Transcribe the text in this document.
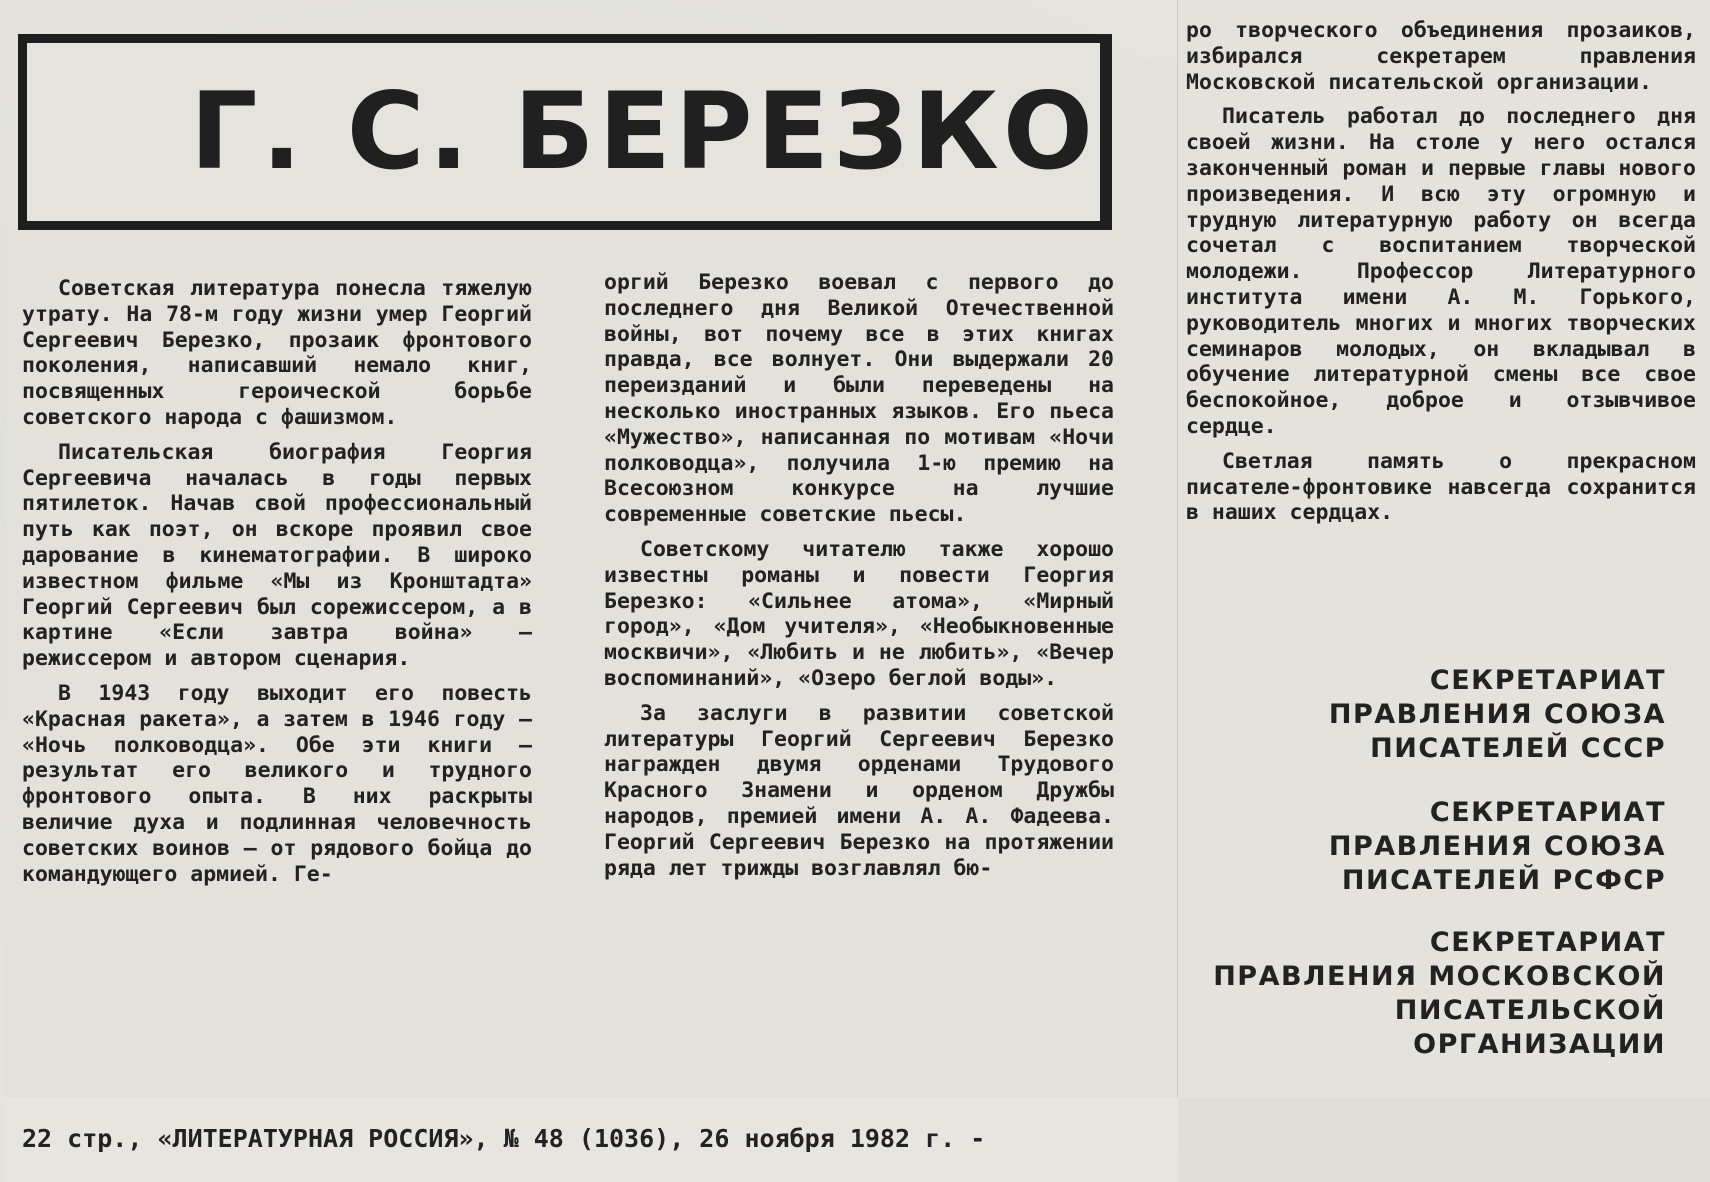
Г. С. БЕРЕЗКО

Советская литература понесла тяжелую утрату. На 78-м году жизни умер Георгий Сергеевич Березко, прозаик фронтового поколения, написавший немало книг, посвященных героической борьбе советского народа с фашизмом.

Писательская биография Георгия Сергеевича началась в годы первых пятилеток. Начав свой профессиональный путь как поэт, он вскоре проявил свое дарование в кинематографии. В широко известном фильме «Мы из Кронштадта» Георгий Сергеевич был сорежиссером, а в картине «Если завтра война» — режиссером и автором сценария.

В 1943 году выходит его повесть «Красная ракета», а затем в 1946 году — «Ночь полководца». Обе эти книги — результат его великого и трудного фронтового опыта. В них раскрыты величие духа и подлинная человечность советских воинов — от рядового бойца до командующего армией. Ге-

оргий Березко воевал с первого до последнего дня Великой Отечественной войны, вот почему все в этих книгах правда, все волнует. Они выдержали 20 переизданий и были переведены на несколько иностранных языков. Его пьеса «Мужество», написанная по мотивам «Ночи полководца», получила 1-ю премию на Всесоюзном конкурсе на лучшие современные советские пьесы.

Советскому читателю также хорошо известны романы и повести Георгия Березко: «Сильнее атома», «Мирный город», «Дом учителя», «Необыкновенные москвичи», «Любить и не любить», «Вечер воспоминаний», «Озеро беглой воды».

За заслуги в развитии советской литературы Георгий Сергеевич Березко награжден двумя орденами Трудового Красного Знамени и орденом Дружбы народов, премией имени А. А. Фадеева. Георгий Сергеевич Березко на протяжении ряда лет трижды возглавлял бю-

ро творческого объединения прозаиков, избирался секретарем правления Московской писательской организации.

Писатель работал до последнего дня своей жизни. На столе у него остался законченный роман и первые главы нового произведения. И всю эту огромную и трудную литературную работу он всегда сочетал с воспитанием творческой молодежи. Профессор Литературного института имени А. М. Горького, руководитель многих и многих творческих семинаров молодых, он вкладывал в обучение литературной смены все свое беспокойное, доброе и отзывчивое сердце.

Светлая память о прекрасном писателе-фронтовике навсегда сохранится в наших сердцах.

СЕКРЕТАРИАТ
ПРАВЛЕНИЯ СОЮЗА
ПИСАТЕЛЕЙ СССР
СЕКРЕТАРИАТ
ПРАВЛЕНИЯ СОЮЗА
ПИСАТЕЛЕЙ РСФСР
СЕКРЕТАРИАТ
ПРАВЛЕНИЯ МОСКОВСКОЙ
ПИСАТЕЛЬСКОЙ
ОРГАНИЗАЦИИ
22 стр., «ЛИТЕРАТУРНАЯ РОССИЯ», № 48 (1036), 26 ноября 1982 г. -
